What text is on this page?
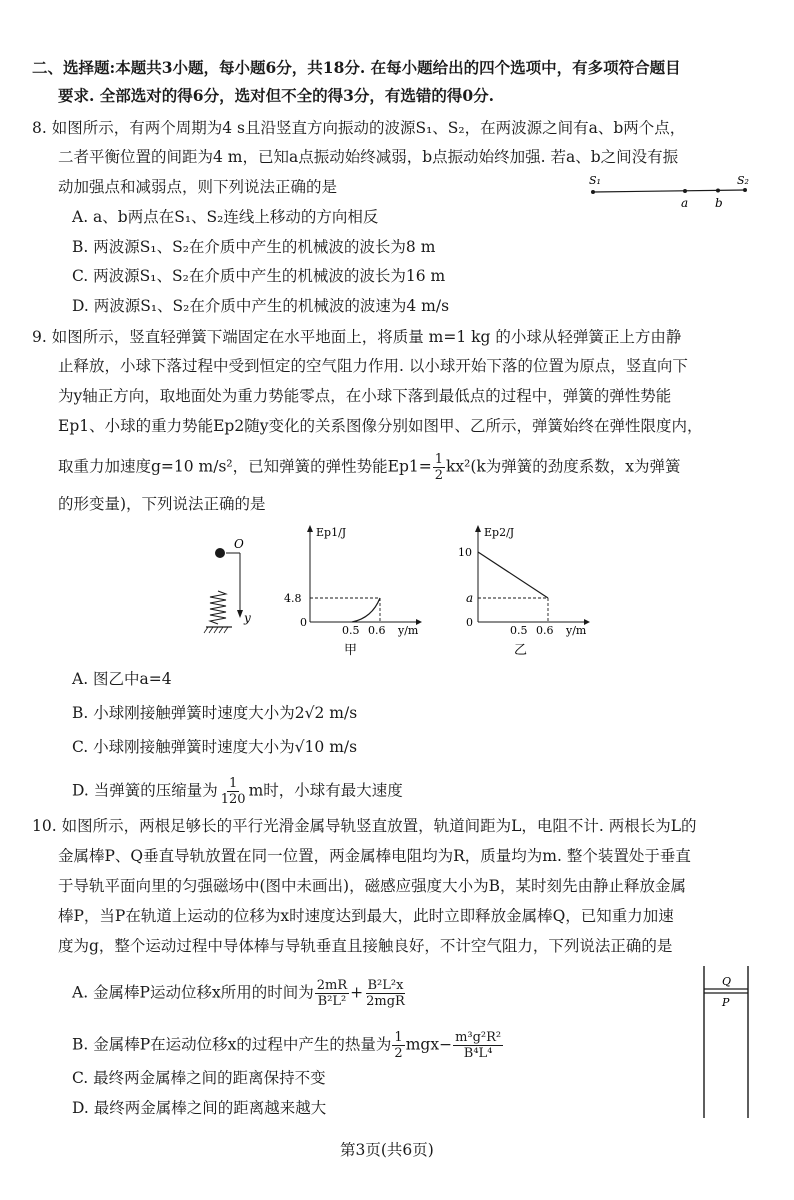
二、选择题:本题共3小题，每小题6分，共18分. 在每小题给出的四个选项中，有多项符合题目
要求. 全部选对的得6分，选对但不全的得3分，有选错的得0分.
8. 如图所示，有两个周期为4 s且沿竖直方向振动的波源S₁、S₂，在两波源之间有a、b两个点，
二者平衡位置的间距为4 m，已知a点振动始终减弱，b点振动始终加强. 若a、b之间没有振
动加强点和减弱点，则下列说法正确的是
A. a、b两点在S₁、S₂连线上移动的方向相反
B. 两波源S₁、S₂在介质中产生的机械波的波长为8 m
C. 两波源S₁、S₂在介质中产生的机械波的波长为16 m
D. 两波源S₁、S₂在介质中产生的机械波的波速为4 m/s
S₁	S₂
a b
9. 如图所示，竖直轻弹簧下端固定在水平地面上，将质量 m=1 kg 的小球从轻弹簧正上方由静
止释放，小球下落过程中受到恒定的空气阻力作用. 以小球开始下落的位置为原点，竖直向下
为y轴正方向，取地面处为重力势能零点，在小球下落到最低点的过程中，弹簧的弹性势能
Ep1、小球的重力势能Ep2随y变化的关系图像分别如图甲、乙所示，弹簧始终在弹性限度内，
取重力加速度g=10 m/s²，已知弹簧的弹性势能$Ep1= \frac{1}{2} kx^2(k$为弹簧的劲度系数，x为弹簧
的形变量)，下列说法正确的是
O
y
Ep1/J
y/m
0
4.8
0.5 0.6
甲
Ep2/J
y/m
0
10
a
0.5 0.6
乙
A. 图乙中a=4
B. 小球刚接触弹簧时速度大小为2√2 m/s
C. 小球刚接触弹簧时速度大小为√10 m/s
D. 当弹簧的压缩量为 $\frac{1}{120}$ m时，小球有最大速度
10. 如图所示，两根足够长的平行光滑金属导轨竖直放置，轨道间距为L，电阻不计. 两根长为L的
金属棒P、Q垂直导轨放置在同一位置，两金属棒电阻均为R，质量均为m. 整个装置处于垂直
于导轨平面向里的匀强磁场中(图中未画出)，磁感应强度大小为B，某时刻先由静止释放金属
棒P，当P在轨道上运动的位移为x时速度达到最大，此时立即释放金属棒Q，已知重力加速
度为g，整个运动过程中导体棒与导轨垂直且接触良好，不计空气阻力，下列说法正确的是
A. 金属棒P运动位移x所用的时间为 $\frac{2mR}{\text{B²L²}} + \frac{\text{B²L²x}}{\text{2mgR}}$
B. 金属棒P在运动位移x的过程中产生的热量为 $\frac{1}{2} mgx- \frac{\text{m³g²R²}}{\text{B⁴L⁴}}$
C. 最终两金属棒之间的距离保持不变
D. 最终两金属棒之间的距离越来越大
Q
P
第3页(共6页)
